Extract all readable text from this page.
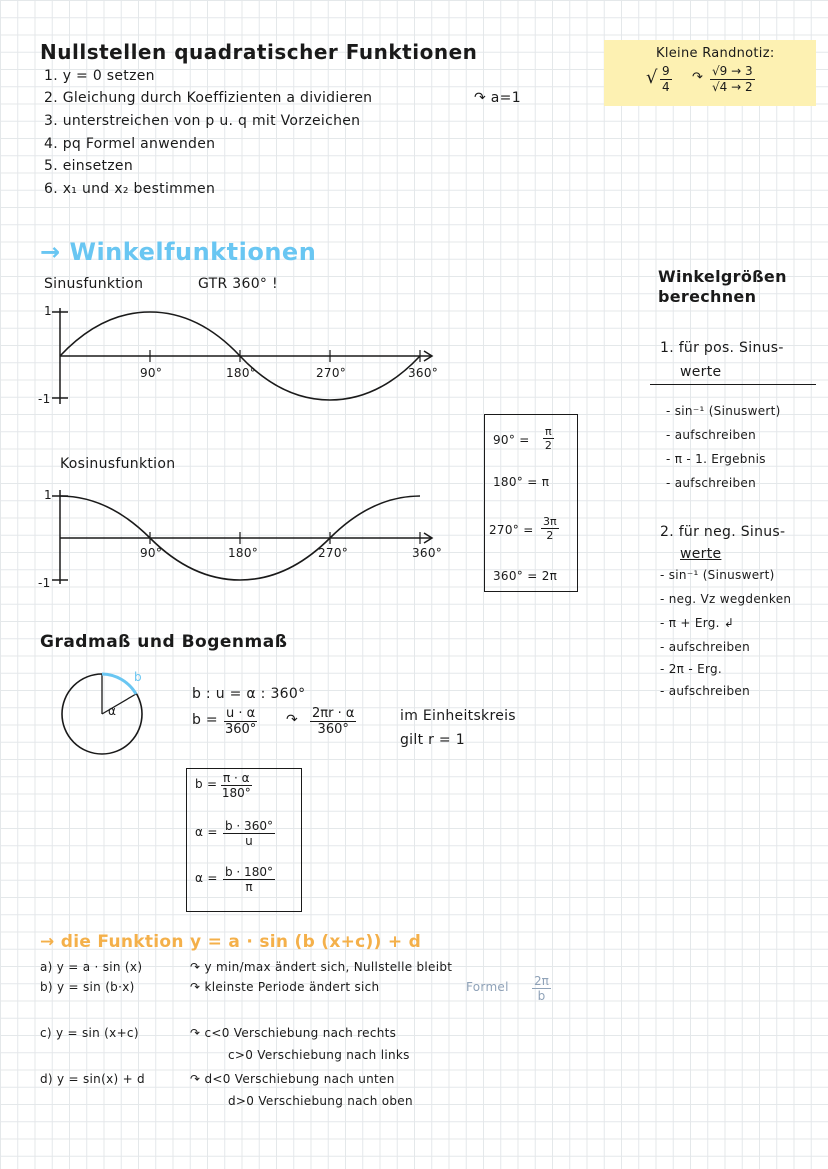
Nullstellen quadratischer Funktionen
1. y = 0 setzen
2. Gleichung durch Koeffizienten a dividieren	↷ a=1
3. unterstreichen von p u. q mit Vorzeichen
4. pq Formel anwenden
5. einsetzen
6. x₁ und x₂ bestimmen
Kleine Randnotiz:
√ $\frac{9}{4}$ ↷ $\frac{√9 \to 3}{√4 \to 2}$
→ Winkelfunktionen
Sinusfunktion	GTR 360° !
1
-1
90°	180°	270°	360°
Kosinusfunktion
1
-1
90°	180°	270°	360°
$90^\circ = \frac{\pi}{2}$
180° = π
$270^\circ = \frac{3\pi}{2}$
360° = 2π
Winkelgrößen
berechnen
1. für pos. Sinus-
werte
- sin⁻¹ (Sinuswert)
- aufschreiben
- π - 1. Ergebnis
- aufschreiben
2. für neg. Sinus-
werte
- sin⁻¹ (Sinuswert)
- neg. Vz wegdenken
- π + Erg. ↲
- aufschreiben
- 2π - Erg.
- aufschreiben
Gradmaß und Bogenmaß
b
α
b : u = α : 360°
$b = \frac{u \cdot \alpha}{360^\circ}$ ↷ $\frac{2\pi r \cdot \alpha}{360^\circ}$	im Einheitskreis
gilt r = 1
$b = \frac{\pi \cdot \alpha}{180^\circ}$
$\alpha = \frac{b \cdot 360^\circ}{u}$
$\alpha = \frac{b \cdot 180^\circ}{\pi}$
→ die Funktion y = a · sin (b (x+c)) + d
a) y = a · sin (x)	↷ y min/max ändert sich, Nullstelle bleibt
b) y = sin (b·x)	↷ kleinste Periode ändert sich	Formel $\frac{2\pi}{b}$
c) y = sin (x+c)	↷ c<0 Verschiebung nach rechts
c>0 Verschiebung nach links
d) y = sin(x) + d	↷ d<0 Verschiebung nach unten
d>0 Verschiebung nach oben
